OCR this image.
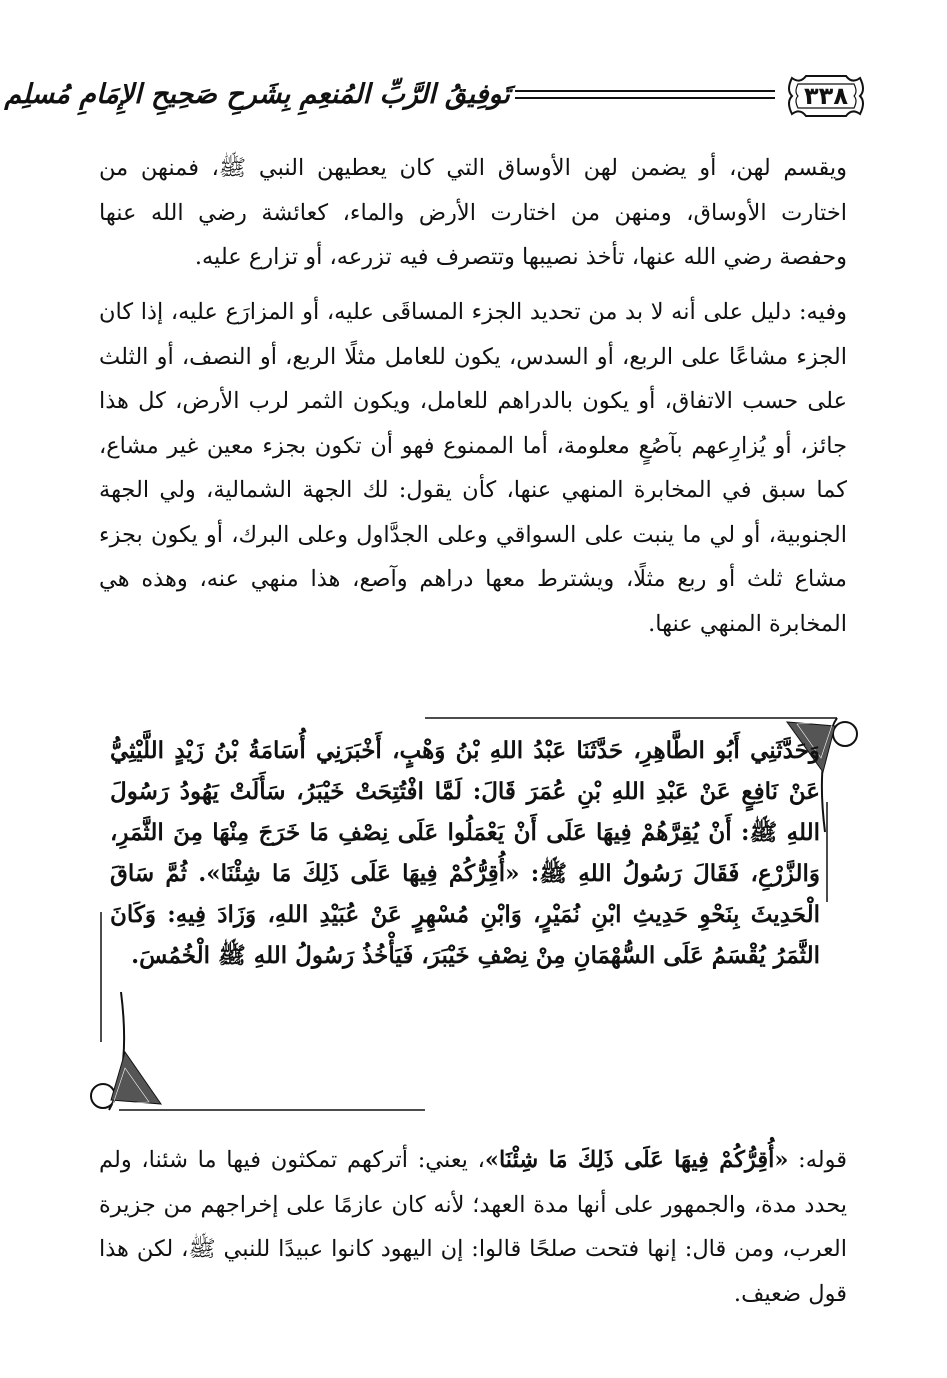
٣٣٨
تَوفِيقُ الرَّبِّ المُنعِمِ بِشَرحِ صَحِيحِ الإِمَامِ مُسلِم
ويقسم لهن، أو يضمن لهن الأوساق التي كان يعطيهن النبي ﷺ، فمنهن من اختارت الأوساق، ومنهن من اختارت الأرض والماء، كعائشة رضي الله عنها وحفصة رضي الله عنها، تأخذ نصيبها وتتصرف فيه تزرعه، أو تزارع عليه.
وفيه: دليل على أنه لا بد من تحديد الجزء المساقَى عليه، أو المزارَع عليه، إذا كان الجزء مشاعًا على الربع، أو السدس، يكون للعامل مثلًا الربع، أو النصف، أو الثلث على حسب الاتفاق، أو يكون بالدراهم للعامل، ويكون الثمر لرب الأرض، كل هذا جائز، أو يُزارِعهم بآصُعٍ معلومة، أما الممنوع فهو أن تكون بجزء معين غير مشاع، كما سبق في المخابرة المنهي عنها، كأن يقول: لك الجهة الشمالية، ولي الجهة الجنوبية، أو لي ما ينبت على السواقي وعلى الجدَّاول وعلى البرك، أو يكون بجزء مشاع ثلث أو ربع مثلًا، ويشترط معها دراهم وآصع، هذا منهي عنه، وهذه هي المخابرة المنهي عنها.
وَحَدَّثَنِي أَبُو الطَّاهِرِ، حَدَّثَنَا عَبْدُ اللهِ بْنُ وَهْبٍ، أَخْبَرَنِي أُسَامَةُ بْنُ زَيْدٍ اللَّيْثِيُّ عَنْ نَافِعٍ عَنْ عَبْدِ اللهِ بْنِ عُمَرَ قَالَ: لَمَّا افْتُتِحَتْ خَيْبَرُ، سَأَلَتْ يَهُودُ رَسُولَ اللهِ ﷺ: أَنْ يُقِرَّهُمْ فِيهَا عَلَى أَنْ يَعْمَلُوا عَلَى نِصْفِ مَا خَرَجَ مِنْهَا مِنَ الثَّمَرِ، وَالزَّرْعِ، فَقَالَ رَسُولُ اللهِ ﷺ: «أُقِرُّكُمْ فِيهَا عَلَى ذَلِكَ مَا شِئْنَا». ثُمَّ سَاقَ الْحَدِيثَ بِنَحْوِ حَدِيثِ ابْنِ نُمَيْرٍ، وَابْنِ مُسْهِرٍ عَنْ عُبَيْدِ اللهِ، وَزَادَ فِيهِ: وَكَانَ الثَّمَرُ يُقْسَمُ عَلَى السُّهْمَانِ مِنْ نِصْفِ خَيْبَرَ، فَيَأْخُذُ رَسُولُ اللهِ ﷺ الْخُمُسَ.
قوله: «أُقِرُّكُمْ فِيهَا عَلَى ذَلِكَ مَا شِئْنَا»، يعني: أتركهم تمكثون فيها ما شئنا، ولم يحدد مدة، والجمهور على أنها مدة العهد؛ لأنه كان عازمًا على إخراجهم من جزيرة العرب، ومن قال: إنها فتحت صلحًا قالوا: إن اليهود كانوا عبيدًا للنبي ﷺ، لكن هذا قول ضعيف.
